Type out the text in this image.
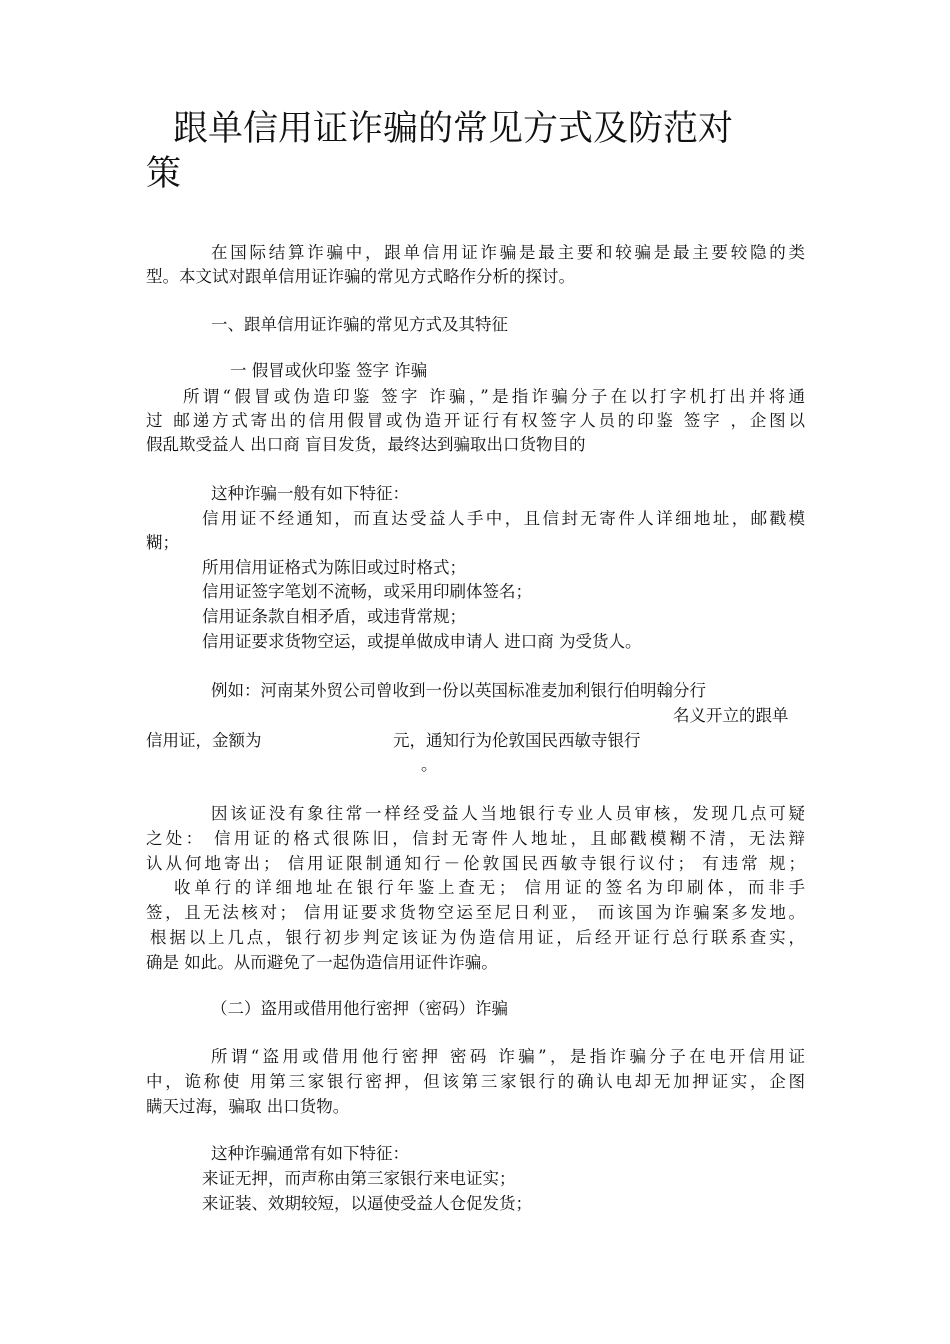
跟单信用证诈骗的常见方式及防范对
策
在国际结算诈骗中，跟单信用证诈骗是最主要和较骗是最主要较隐的类
型。本文试对跟单信用证诈骗的常见方式略作分析的探讨。
一、跟单信用证诈骗的常见方式及其特征
一 假冒或伙印鉴 签字 诈骗
所谓“假冒或伪造印鉴 签字 诈骗，”是指诈骗分子在以打字机打出并将通
过 邮递方式寄出的信用假冒或伪造开证行有权签字人员的印鉴 签字 ，企图以
假乱欺受益人 出口商 盲目发货，最终达到骗取出口货物目的
这种诈骗一般有如下特征：
信用证不经通知，而直达受益人手中，且信封无寄件人详细地址，邮戳模
糊；
所用信用证格式为陈旧或过时格式；
信用证签字笔划不流畅，或采用印刷体签名；
信用证条款自相矛盾，或违背常规；
信用证要求货物空运，或提单做成申请人 进口商 为受货人。
例如：河南某外贸公司曾收到一份以英国标准麦加利银行伯明翰分行
名义开立的跟单
信用证，金额为	元，通知行为伦敦国民西敏寺银行
。
因该证没有象往常一样经受益人当地银行专业人员审核，发现几点可疑
之处： 信用证的格式很陈旧，信封无寄件人地址，且邮戳模糊不清，无法辩
认从何地寄出； 信用证限制通知行－伦敦国民西敏寺银行议付； 有违常 规；
收单行的详细地址在银行年鉴上查无； 信用证的签名为印刷体，而非手
签，且无法核对； 信用证要求货物空运至尼日利亚， 而该国为诈骗案多发地。
根据以上几点，银行初步判定该证为伪造信用证，后经开证行总行联系查实，
确是 如此。从而避免了一起伪造信用证件诈骗。
（二）盗用或借用他行密押（密码）诈骗
所谓“盗用或借用他行密押 密码 诈骗”，是指诈骗分子在电开信用证
中，诡称使 用第三家银行密押，但该第三家银行的确认电却无加押证实，企图
瞒天过海，骗取 出口货物。
这种诈骗通常有如下特征：
来证无押，而声称由第三家银行来电证实；
来证装、效期较短，以逼使受益人仓促发货；
